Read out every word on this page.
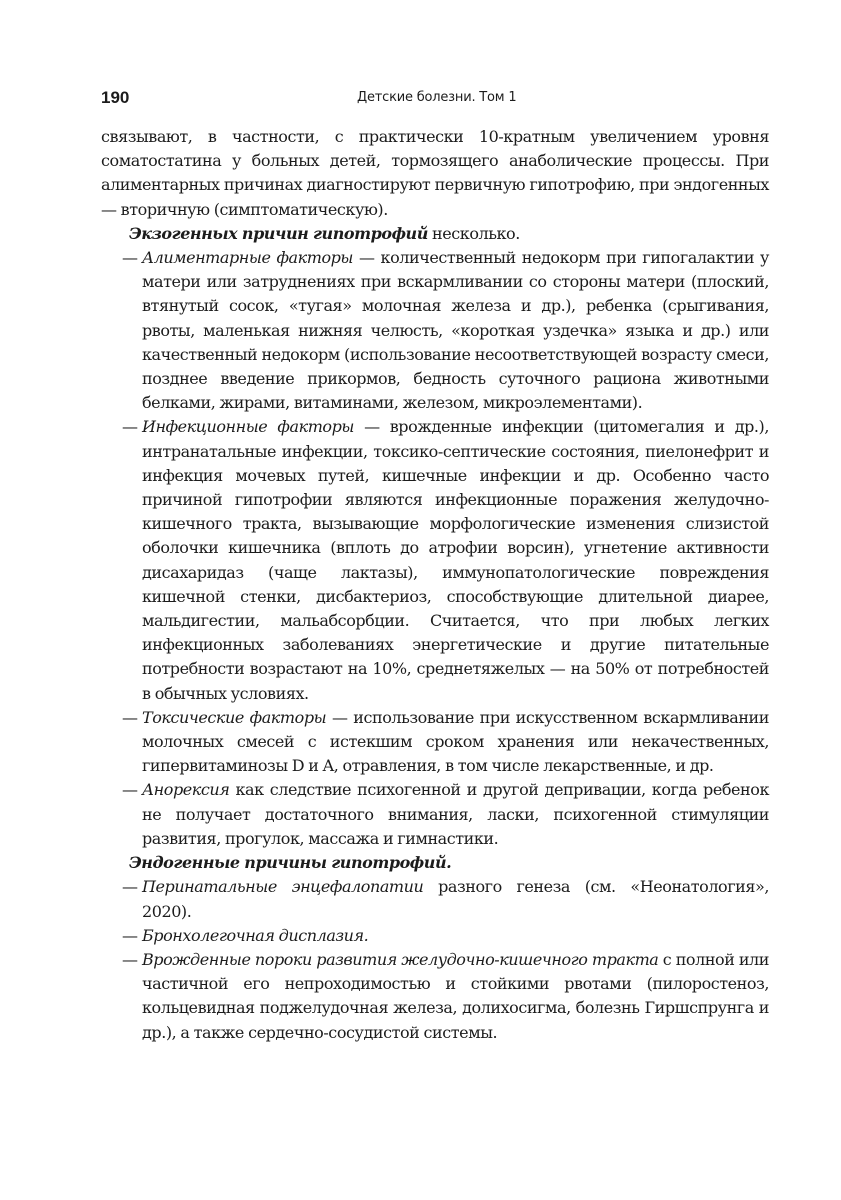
190	Детские болезни. Том 1

связывают, в частности, с практически 10-кратным увеличением уровня соматостатина у больных детей, тормозящего анаболические процессы. При алиментарных причинах диагностируют первичную гипотрофию, при эндогенных — вторичную (симптоматическую).

Экзогенных причин гипотрофий несколько.

— Алиментарные факторы — количественный недокорм при гипогалактии у матери или затруднениях при вскармливании со стороны матери (плоский, втянутый сосок, «тугая» молочная железа и др.), ребенка (срыгивания, рвоты, маленькая нижняя челюсть, «короткая уздечка» языка и др.) или качественный недокорм (использование несоответствующей возрасту смеси, позднее введение прикормов, бедность суточного рациона животными белками, жирами, витаминами, железом, микроэлементами).
— Инфекционные факторы — врожденные инфекции (цитомегалия и др.), интранатальные инфекции, токсико-септические состояния, пиелонефрит и инфекция мочевых путей, кишечные инфекции и др. Особенно часто причиной гипотрофии являются инфекционные поражения желудочно-кишечного тракта, вызывающие морфологические изменения слизистой оболочки кишечника (вплоть до атрофии ворсин), угнетение активности дисахаридаз (чаще лактазы), иммунопатологические повреждения кишечной стенки, дисбактериоз, способствующие длительной диарее, мальдигестии, мальабсорбции. Считается, что при любых легких инфекционных заболеваниях энергетические и другие питательные потребности возрастают на 10%, среднетяжелых — на 50% от потребностей в обычных условиях.
— Токсические факторы — использование при искусственном вскармливании молочных смесей с истекшим сроком хранения или некачественных, гипервитаминозы D и A, отравления, в том числе лекарственные, и др.
— Анорексия как следствие психогенной и другой депривации, когда ребенок не получает достаточного внимания, ласки, психогенной стимуляции развития, прогулок, массажа и гимнастики.

Эндогенные причины гипотрофий.

— Перинатальные энцефалопатии разного генеза (см. «Неонатология», 2020).
— Бронхолегочная дисплазия.
— Врожденные пороки развития желудочно-кишечного тракта с полной или частичной его непроходимостью и стойкими рвотами (пилоростеноз, кольцевидная поджелудочная железа, долихосигма, болезнь Гиршспрунга и др.), а также сердечно-сосудистой системы.
